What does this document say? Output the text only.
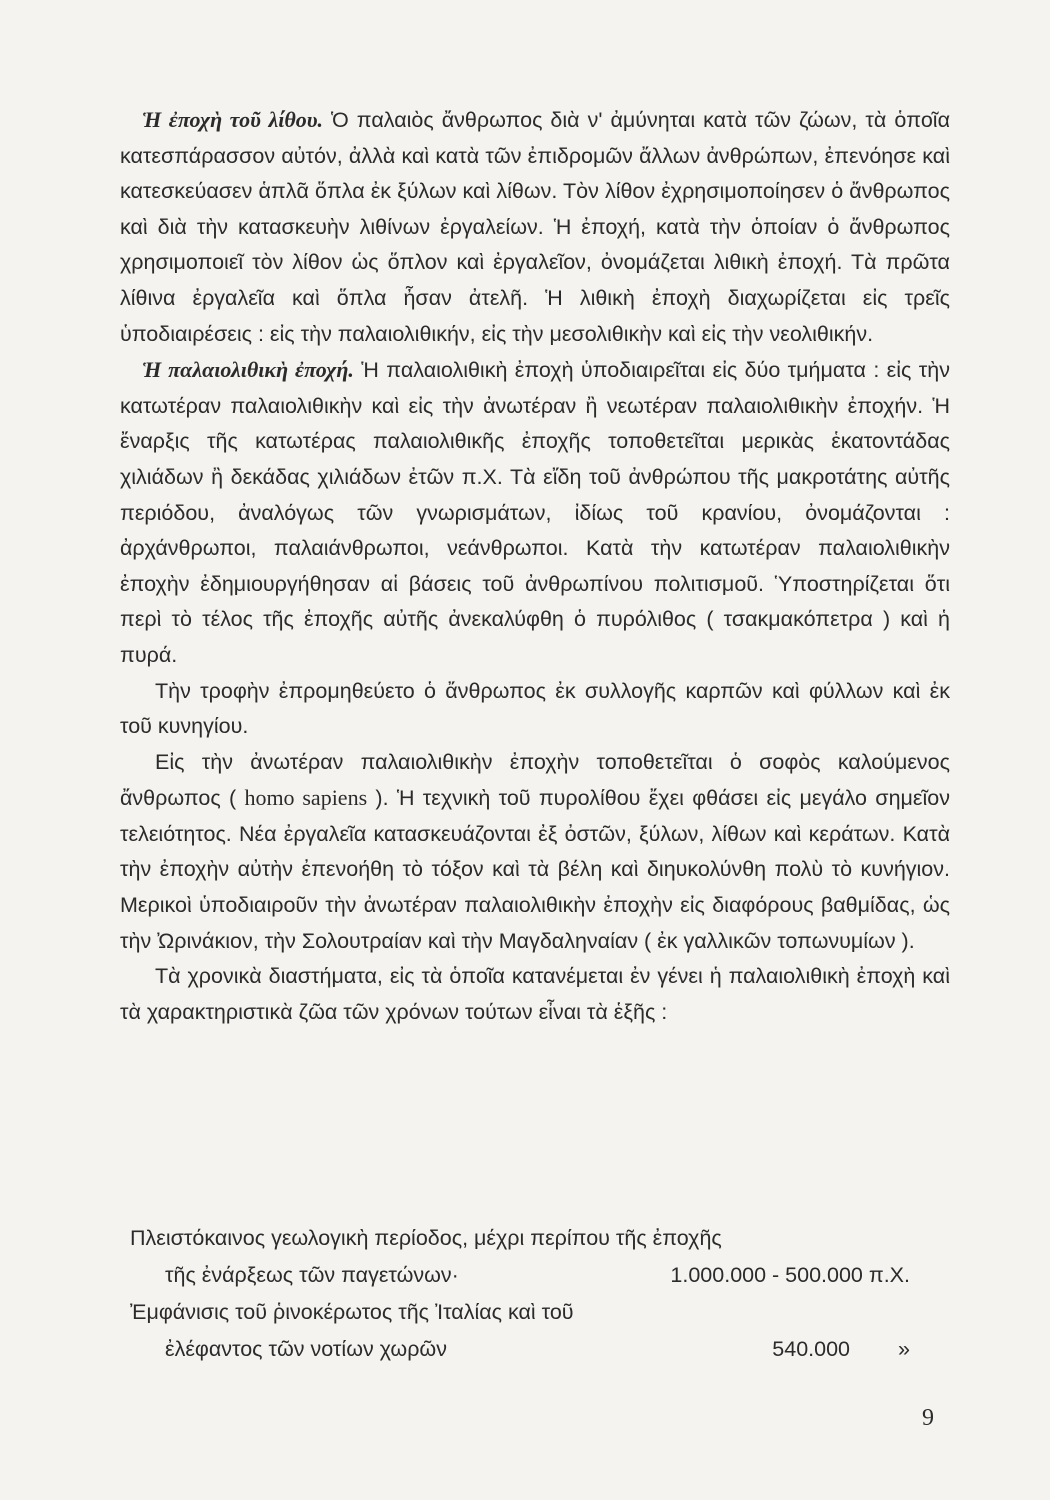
Ἡ ἐποχὴ τοῦ λίθου. Ὁ παλαιὸς ἄνθρωπος διὰ ν' ἀμύνηται κατὰ τῶν ζώων, τὰ ὁποῖα κατεσπάρασσον αὐτόν, ἀλλὰ καὶ κατὰ τῶν ἐπιδρομῶν ἄλλων ἀνθρώπων, ἐπενόησε καὶ κατεσκεύασεν ἁπλᾶ ὅπλα ἐκ ξύλων καὶ λίθων. Τὸν λίθον ἐχρησιμοποίησεν ὁ ἄνθρωπος καὶ διὰ τὴν κατασκευὴν λιθίνων ἐργαλείων. Ἡ ἐποχή, κατὰ τὴν ὁποίαν ὁ ἄνθρωπος χρησιμοποιεῖ τὸν λίθον ὡς ὅπλον καὶ ἐργαλεῖον, ὀνομάζεται λιθικὴ ἐποχή. Τὰ πρῶτα λίθινα ἐργαλεῖα καὶ ὅπλα ἦσαν ἀτελῆ. Ἡ λιθικὴ ἐποχὴ διαχωρίζεται εἰς τρεῖς ὑποδιαιρέσεις : εἰς τὴν παλαιολιθικήν, εἰς τὴν μεσολιθικὴν καὶ εἰς τὴν νεολιθικήν.

Ἡ παλαιολιθικὴ ἐποχή. Ἡ παλαιολιθικὴ ἐποχὴ ὑποδιαιρεῖται εἰς δύο τμήματα : εἰς τὴν κατωτέραν παλαιολιθικὴν καὶ εἰς τὴν ἀνωτέραν ἢ νεωτέραν παλαιολιθικὴν ἐποχήν. Ἡ ἔναρξις τῆς κατωτέρας παλαιολιθικῆς ἐποχῆς τοποθετεῖται μερικὰς ἑκατοντάδας χιλιάδων ἢ δεκάδας χιλιάδων ἐτῶν π.Χ. Τὰ εἴδη τοῦ ἀνθρώπου τῆς μακροτάτης αὐτῆς περιόδου, ἀναλόγως τῶν γνωρισμάτων, ἰδίως τοῦ κρανίου, ὀνομάζονται : ἀρχάνθρωποι, παλαιάνθρωποι, νεάνθρωποι. Κατὰ τὴν κατωτέραν παλαιολιθικὴν ἐποχὴν ἐδημιουργήθησαν αἱ βάσεις τοῦ ἀνθρωπίνου πολιτισμοῦ. Ὑποστηρίζεται ὅτι περὶ τὸ τέλος τῆς ἐποχῆς αὐτῆς ἀνεκαλύφθη ὁ πυρόλιθος ( τσακμακόπετρα ) καὶ ἡ πυρά.

Τὴν τροφὴν ἐπρομηθεύετο ὁ ἄνθρωπος ἐκ συλλογῆς καρπῶν καὶ φύλλων καὶ ἐκ τοῦ κυνηγίου.

Εἰς τὴν ἀνωτέραν παλαιολιθικὴν ἐποχὴν τοποθετεῖται ὁ σοφὸς καλούμενος ἄνθρωπος ( homo sapiens ). Ἡ τεχνικὴ τοῦ πυρολίθου ἔχει φθάσει εἰς μεγάλο σημεῖον τελειότητος. Νέα ἐργαλεῖα κατασκευάζονται ἐξ ὀστῶν, ξύλων, λίθων καὶ κεράτων. Κατὰ τὴν ἐποχὴν αὐτὴν ἐπενοήθη τὸ τόξον καὶ τὰ βέλη καὶ διηυκολύνθη πολὺ τὸ κυνήγιον. Μερικοὶ ὑποδιαιροῦν τὴν ἀνωτέραν παλαιολιθικὴν ἐποχὴν εἰς διαφόρους βαθμίδας, ὡς τὴν Ὠρινάκιον, τὴν Σολουτραίαν καὶ τὴν Μαγδαληναίαν ( ἐκ γαλλικῶν τοπωνυμίων ).

Τὰ χρονικὰ διαστήματα, εἰς τὰ ὁποῖα κατανέμεται ἐν γένει ἡ παλαιολιθικὴ ἐποχὴ καὶ τὰ χαρακτηριστικὰ ζῶα τῶν χρόνων τούτων εἶναι τὰ ἑξῆς :

Πλειστόκαινος γεωλογικὴ περίοδος, μέχρι περίπου τῆς ἐποχῆς
τῆς ἐνάρξεως τῶν παγετώνων·	1.000.000 - 500.000 π.Χ.
Ἐμφάνισις τοῦ ῥινοκέρωτος τῆς Ἰταλίας καὶ τοῦ
ἐλέφαντος τῶν νοτίων χωρῶν	540.000 »
9
